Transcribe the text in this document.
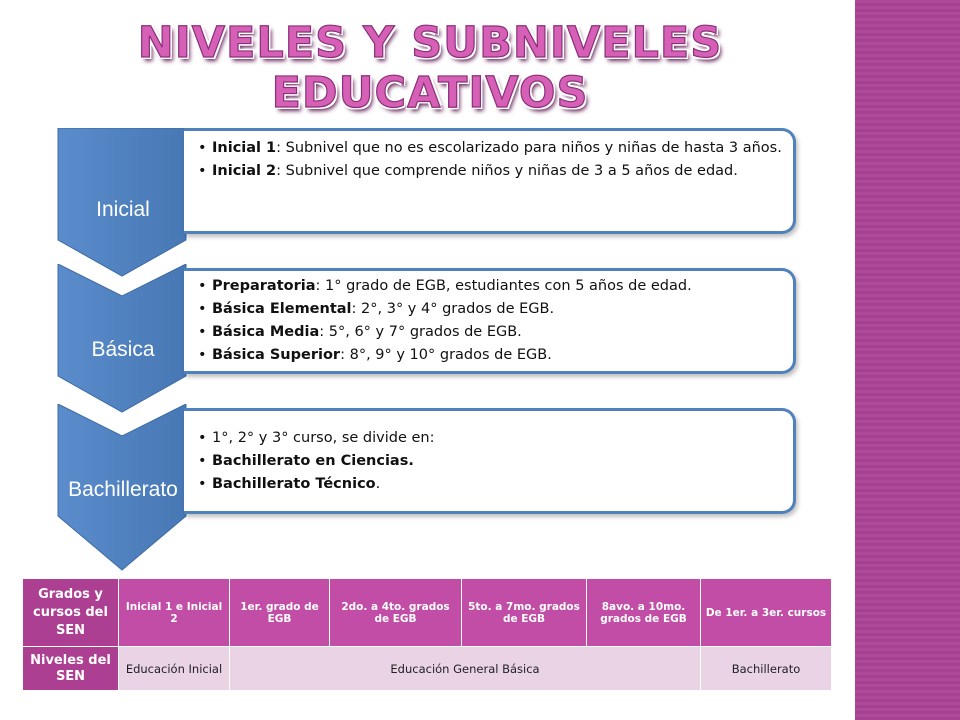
NIVELES Y SUBNIVELES
EDUCATIVOS
Inicial
• Inicial 1: Subnivel que no es escolarizado para niños y niñas de hasta 3 años.
• Inicial 2: Subnivel que comprende niños y niñas de 3 a 5 años de edad.
Básica
• Preparatoria: 1° grado de EGB, estudiantes con 5 años de edad.
• Básica Elemental: 2°, 3° y 4° grados de EGB.
• Básica Media: 5°, 6° y 7° grados de EGB.
• Básica Superior: 8°, 9° y 10° grados de EGB.
Bachillerato
• 1°, 2° y 3° curso, se divide en:
• Bachillerato en Ciencias.
• Bachillerato Técnico.
Grados y cursos del SEN	Inicial 1 e Inicial 2	1er. grado de EGB	2do. a 4to. grados de EGB	5to. a 7mo. grados de EGB	8avo. a 10mo. grados de EGB	De 1er. a 3er. cursos
Niveles del SEN	Educación Inicial	Educación General Básica				Bachillerato
